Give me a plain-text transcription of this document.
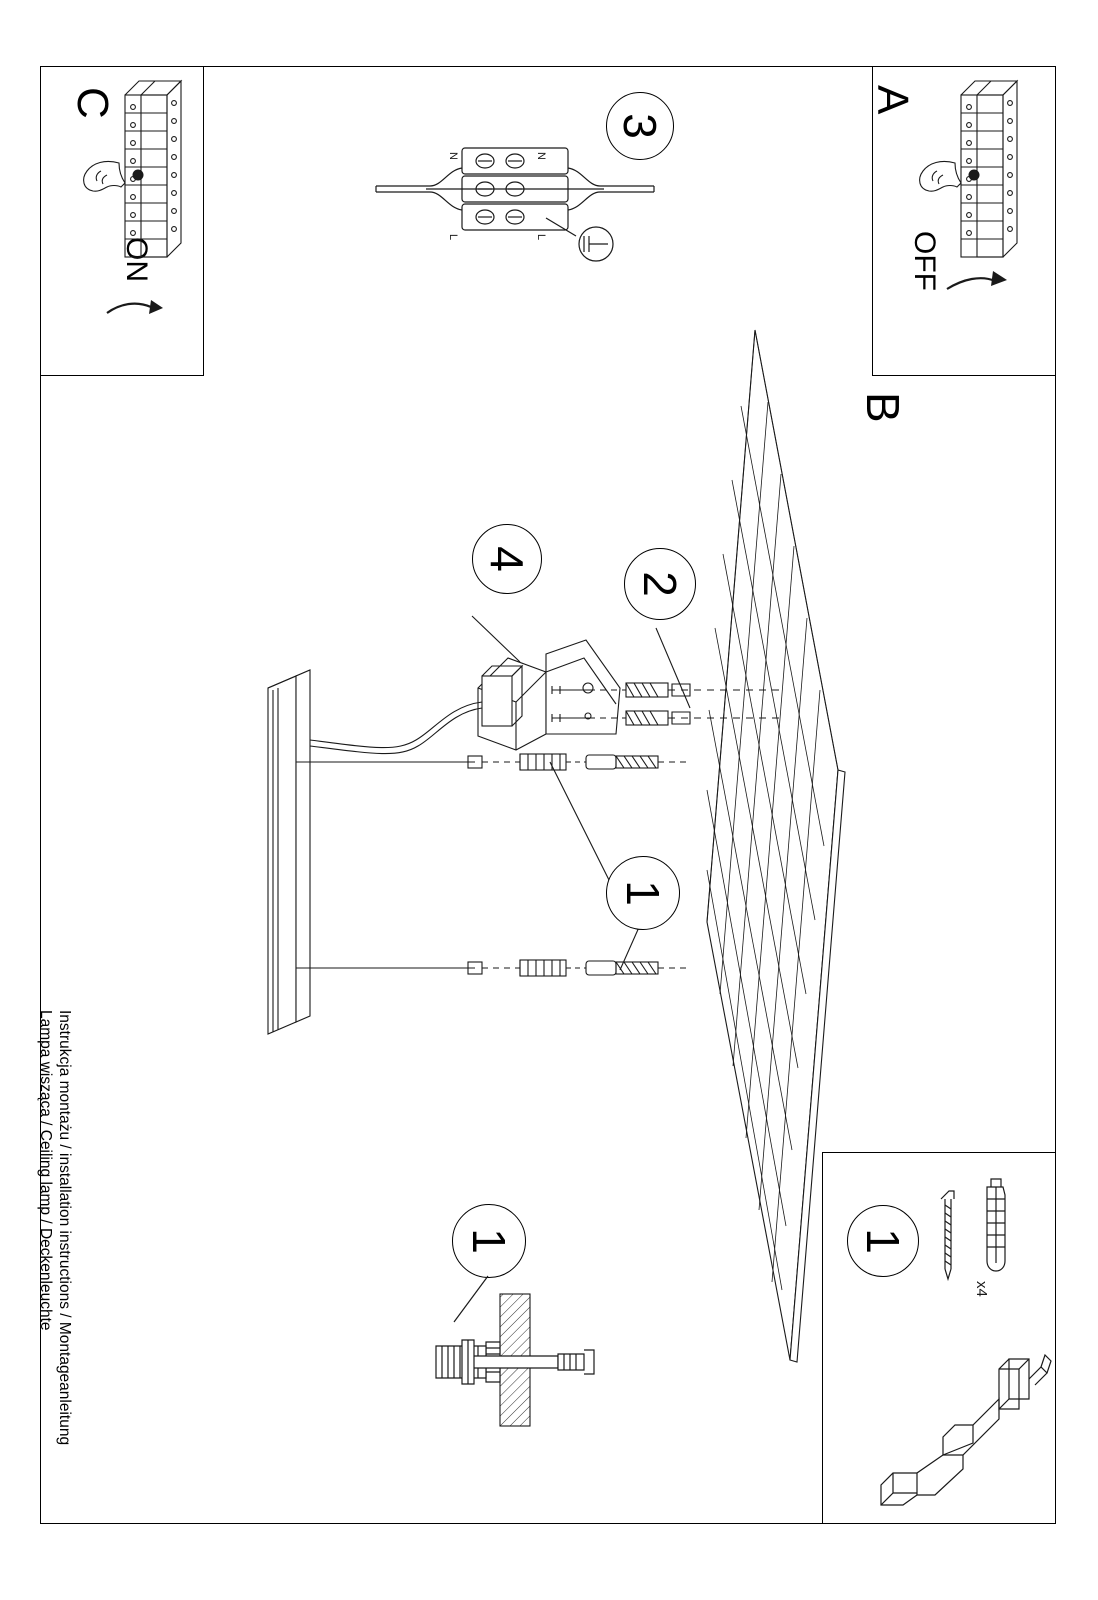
C
ON
A
OFF
x4
1
N	N
L	L
3
B
4
2
1
1
Instrukcja montażu / installation instructions / Montageanleitung
Lampa wisząca / Ceiling lamp / Deckenleuchte
